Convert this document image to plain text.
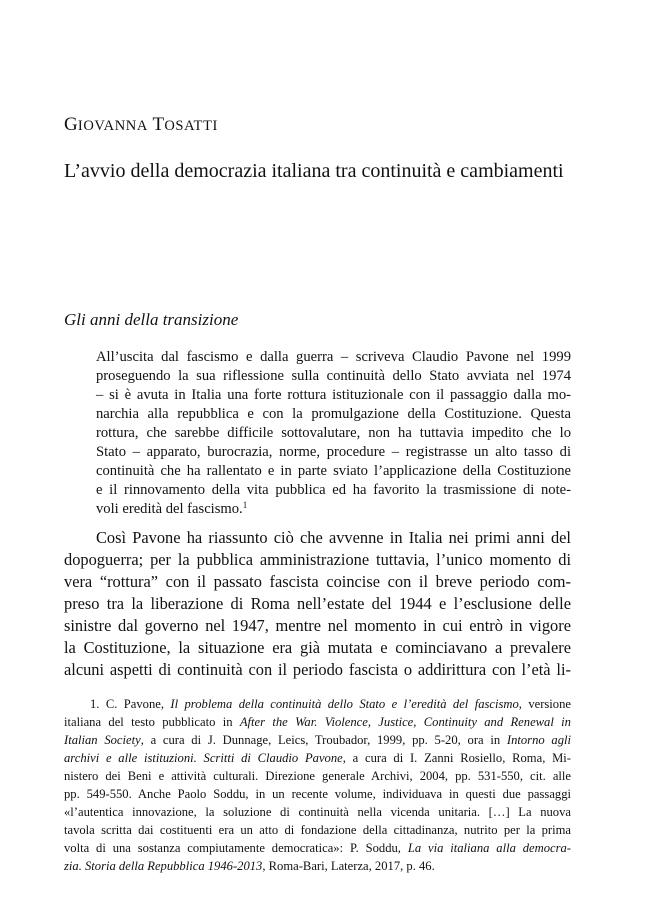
GIOVANNA TOSATTI
L’avvio della democrazia italiana tra continuità e cambiamenti
Gli anni della transizione
All’uscita dal fascismo e dalla guerra – scriveva Claudio Pavone nel 1999
proseguendo la sua riflessione sulla continuità dello Stato avviata nel 1974
– si è avuta in Italia una forte rottura istituzionale con il passaggio dalla mo-
narchia alla repubblica e con la promulgazione della Costituzione. Questa
rottura, che sarebbe difficile sottovalutare, non ha tuttavia impedito che lo
Stato – apparato, burocrazia, norme, procedure – registrasse un alto tasso di
continuità che ha rallentato e in parte sviato l’applicazione della Costituzione
e il rinnovamento della vita pubblica ed ha favorito la trasmissione di note-
voli eredità del fascismo.$^1$
Così Pavone ha riassunto ciò che avvenne in Italia nei primi anni del
dopoguerra; per la pubblica amministrazione tuttavia, l’unico momento di
vera “rottura” con il passato fascista coincise con il breve periodo com-
preso tra la liberazione di Roma nell’estate del 1944 e l’esclusione delle
sinistre dal governo nel 1947, mentre nel momento in cui entrò in vigore
la Costituzione, la situazione era già mutata e cominciavano a prevalere
alcuni aspetti di continuità con il periodo fascista o addirittura con l’età li-
1. C. Pavone, Il problema della continuità dello Stato e l’eredità del fascismo, versione
italiana del testo pubblicato in After the War. Violence, Justice, Continuity and Renewal in
Italian Society, a cura di J. Dunnage, Leics, Troubador, 1999, pp. 5-20, ora in Intorno agli
archivi e alle istituzioni. Scritti di Claudio Pavone, a cura di I. Zanni Rosiello, Roma, Mi-
nistero dei Beni e attività culturali. Direzione generale Archivi, 2004, pp. 531-550, cit. alle
pp. 549-550. Anche Paolo Soddu, in un recente volume, individuava in questi due passaggi
«l’autentica innovazione, la soluzione di continuità nella vicenda unitaria. […] La nuova
tavola scritta dai costituenti era un atto di fondazione della cittadinanza, nutrito per la prima
volta di una sostanza compiutamente democratica»: P. Soddu, La via italiana alla democra-
zia. Storia della Repubblica 1946-2013, Roma-Bari, Laterza, 2017, p. 46.
